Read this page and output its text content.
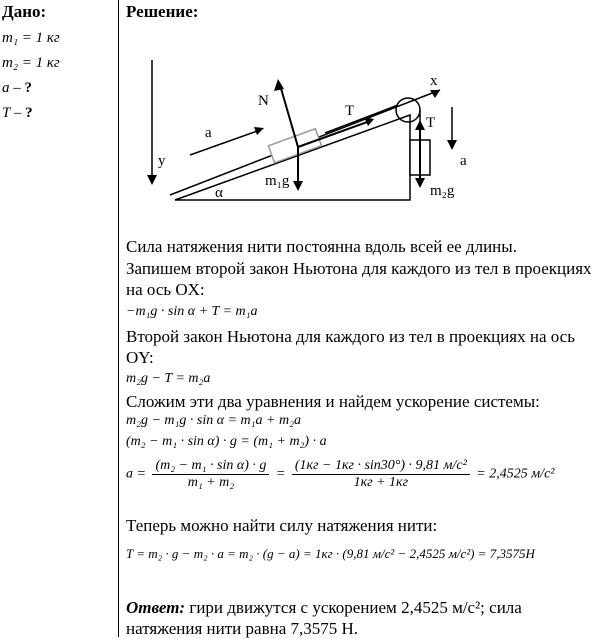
Дано:
m₁ = 1 кг
m₂ = 1 кг
a – ?
T – ?
Решение:
x
N
T
m₁g
a
y
α
T
m₂g
a
Сила натяжения нити постоянна вдоль всей ее длины.
Запишем второй закон Ньютона для каждого из тел в проекциях на ось OX:
−m₁g · sin α + T = m₁a
Второй закон Ньютона для каждого из тел в проекциях на ось OY:
m₂g − T = m₂a
Сложим эти два уравнения и найдем ускорение системы:
m₂g − m₁g · sin α = m₁a + m₂a
(m₂ − m₁ · sin α) · g = (m₁ + m₂) · a
$a = \frac{\text{(m₂ − m₁ · sin α) · g}}{\text{m₁ + m₂}} = \frac{\text{(1кг − 1кг · sin30°) · 9,81 м/с²}}{1кг + 1кг} = 2,4525$ м/с²
Теперь можно найти силу натяжения нити:
T = m₂ · g − m₂ · a = m₂ · (g − a) = 1кг · (9,81 м/с² − 2,4525 м/с²) = 7,3575H
Ответ: гири движутся с ускорением 2,4525 м/с²; сила натяжения нити равна 7,3575 Н.
